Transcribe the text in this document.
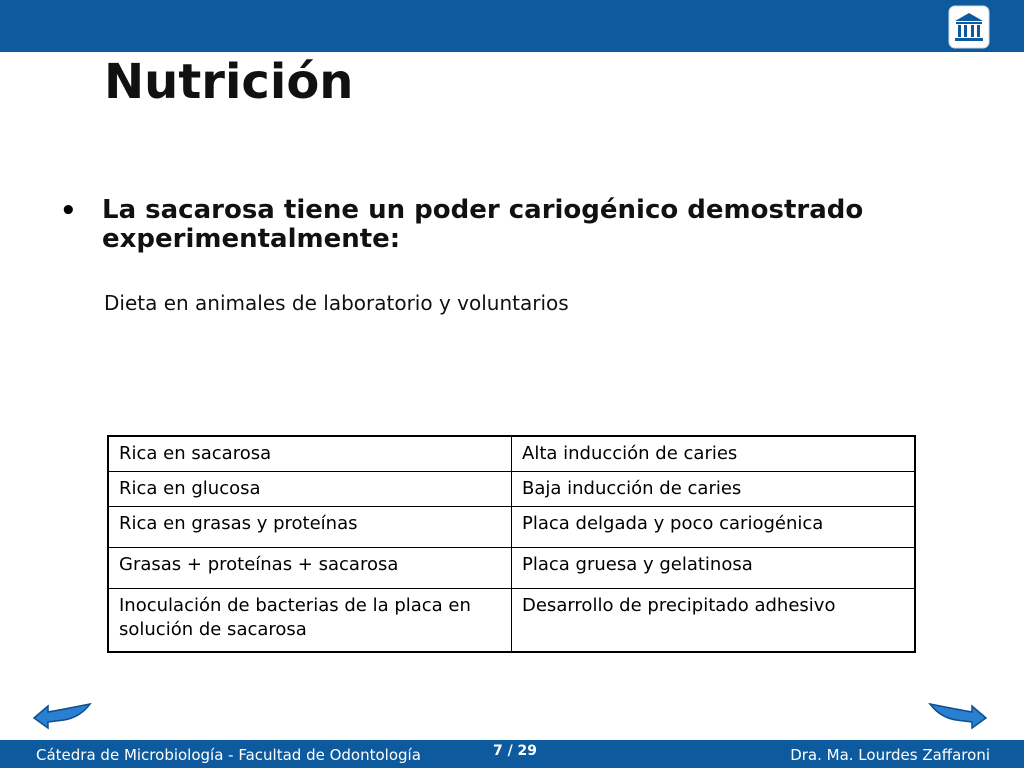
Nutrición
• La sacarosa tiene un poder cariogénico demostrado experimentalmente:
Dieta en animales de laboratorio y voluntarios
Rica en sacarosa	Alta inducción de caries
Rica en glucosa	Baja inducción de caries
Rica en grasas y proteínas	Placa delgada y poco cariogénica
Grasas + proteínas + sacarosa	Placa gruesa y gelatinosa
Inoculación de bacterias de la placa en solución de sacarosa	Desarrollo de precipitado adhesivo
Cátedra de Microbiología - Facultad de Odontología	7 / 29	Dra. Ma. Lourdes Zaffaroni
